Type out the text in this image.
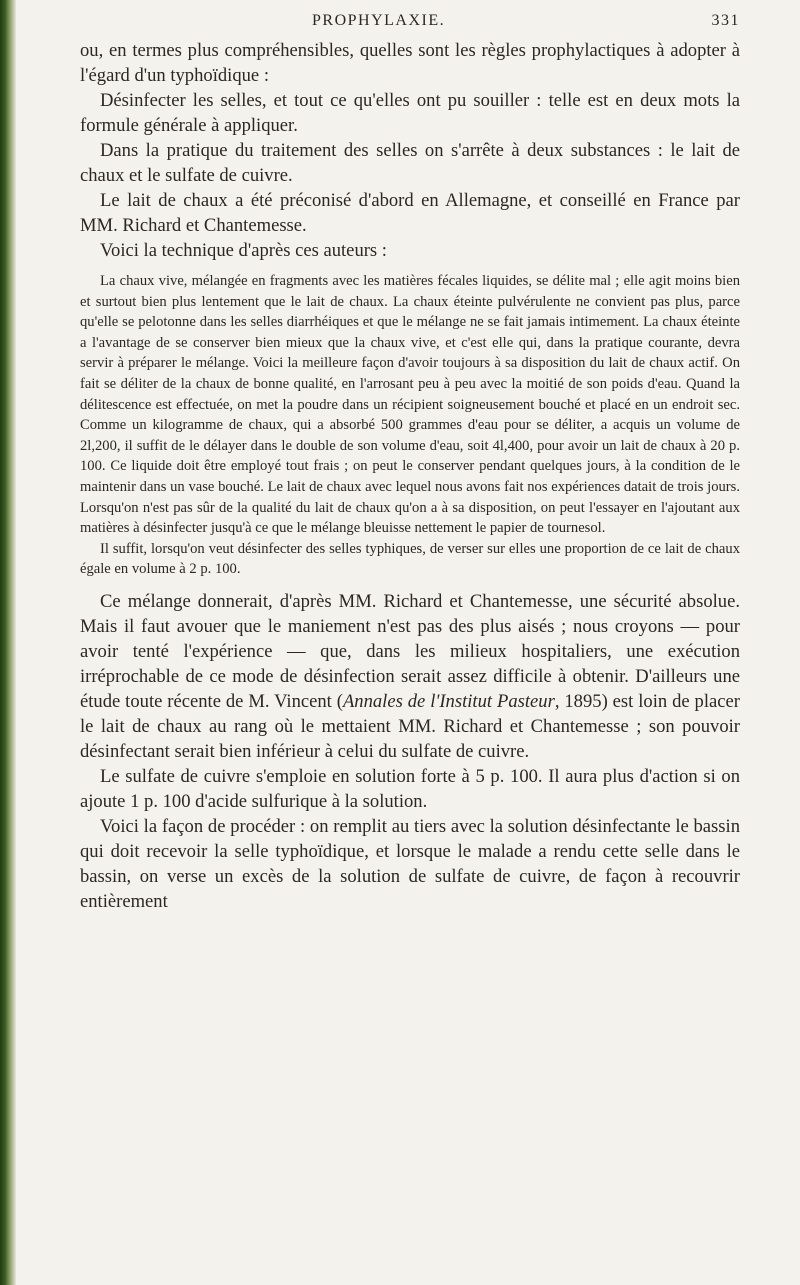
PROPHYLAXIE.	331

ou, en termes plus compréhensibles, quelles sont les règles prophylactiques à adopter à l'égard d'un typhoïdique :

Désinfecter les selles, et tout ce qu'elles ont pu souiller : telle est en deux mots la formule générale à appliquer.

Dans la pratique du traitement des selles on s'arrête à deux substances : le lait de chaux et le sulfate de cuivre.

Le lait de chaux a été préconisé d'abord en Allemagne, et conseillé en France par MM. Richard et Chantemesse.

Voici la technique d'après ces auteurs :

La chaux vive, mélangée en fragments avec les matières fécales liquides, se délite mal ; elle agit moins bien et surtout bien plus lentement que le lait de chaux. La chaux éteinte pulvérulente ne convient pas plus, parce qu'elle se pelotonne dans les selles diarrhéiques et que le mélange ne se fait jamais intimement. La chaux éteinte a l'avantage de se conserver bien mieux que la chaux vive, et c'est elle qui, dans la pratique courante, devra servir à préparer le mélange. Voici la meilleure façon d'avoir toujours à sa disposition du lait de chaux actif. On fait se déliter de la chaux de bonne qualité, en l'arrosant peu à peu avec la moitié de son poids d'eau. Quand la délitescence est effectuée, on met la poudre dans un récipient soigneusement bouché et placé en un endroit sec. Comme un kilogramme de chaux, qui a absorbé 500 grammes d'eau pour se déliter, a acquis un volume de 2l,200, il suffit de le délayer dans le double de son volume d'eau, soit 4l,400, pour avoir un lait de chaux à 20 p. 100. Ce liquide doit être employé tout frais ; on peut le conserver pendant quelques jours, à la condition de le maintenir dans un vase bouché. Le lait de chaux avec lequel nous avons fait nos expériences datait de trois jours. Lorsqu'on n'est pas sûr de la qualité du lait de chaux qu'on a à sa disposition, on peut l'essayer en l'ajoutant aux matières à désinfecter jusqu'à ce que le mélange bleuisse nettement le papier de tournesol.

Il suffit, lorsqu'on veut désinfecter des selles typhiques, de verser sur elles une proportion de ce lait de chaux égale en volume à 2 p. 100.

Ce mélange donnerait, d'après MM. Richard et Chantemesse, une sécurité absolue. Mais il faut avouer que le maniement n'est pas des plus aisés ; nous croyons — pour avoir tenté l'expérience — que, dans les milieux hospitaliers, une exécution irréprochable de ce mode de désinfection serait assez difficile à obtenir. D'ailleurs une étude toute récente de M. Vincent (Annales de l'Institut Pasteur, 1895) est loin de placer le lait de chaux au rang où le mettaient MM. Richard et Chantemesse ; son pouvoir désinfectant serait bien inférieur à celui du sulfate de cuivre.

Le sulfate de cuivre s'emploie en solution forte à 5 p. 100. Il aura plus d'action si on ajoute 1 p. 100 d'acide sulfurique à la solution.

Voici la façon de procéder : on remplit au tiers avec la solution désinfectante le bassin qui doit recevoir la selle typhoïdique, et lorsque le malade a rendu cette selle dans le bassin, on verse un excès de la solution de sulfate de cuivre, de façon à recouvrir entièrement
